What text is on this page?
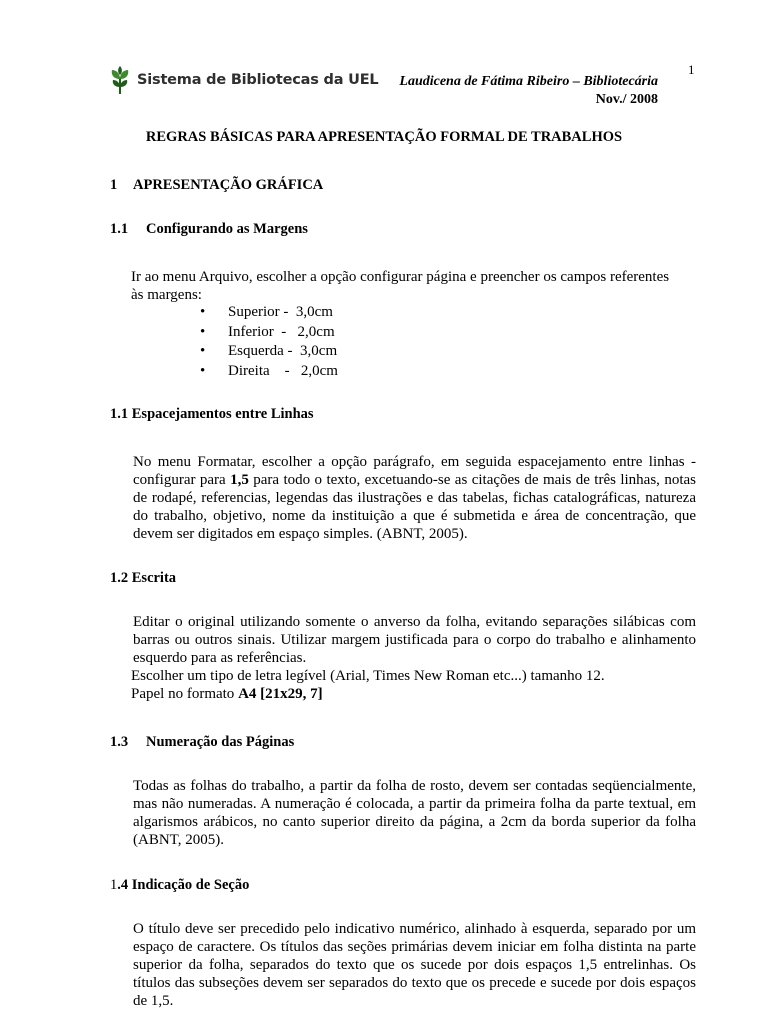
1
Sistema de Bibliotecas da UEL Laudicena de Fátima Ribeiro – Bibliotecária
Nov./ 2008
REGRAS BÁSICAS PARA APRESENTAÇÃO FORMAL DE TRABALHOS
1 APRESENTAÇÃO GRÁFICA
1.1 Configurando as Margens
Ir ao menu Arquivo, escolher a opção configurar página e preencher os campos referentes
às margens:
• Superior -  3,0cm
• Inferior  -   2,0cm
• Esquerda -  3,0cm
• Direita    -   2,0cm
1.1 Espacejamentos entre Linhas
No menu Formatar, escolher a opção parágrafo, em seguida espacejamento entre linhas - configurar para 1,5 para todo o texto, excetuando-se as citações de mais de três linhas, notas de rodapé, referencias, legendas das ilustrações e das tabelas, fichas catalográficas, natureza do trabalho, objetivo, nome da instituição a que é submetida e área de concentração, que devem ser digitados em espaço simples. (ABNT, 2005).
1.2 Escrita
Editar o original utilizando somente o anverso da folha, evitando separações silábicas com barras ou outros sinais. Utilizar margem justificada para o corpo do trabalho e alinhamento esquerdo para as referências.
Escolher um tipo de letra legível (Arial, Times New Roman etc...) tamanho 12.
Papel no formato A4 [21x29, 7]
1.3 Numeração das Páginas
Todas as folhas do trabalho, a partir da folha de rosto, devem ser contadas seqüencialmente, mas não numeradas. A numeração é colocada, a partir da primeira folha da parte textual, em algarismos arábicos, no canto superior direito da página, a 2cm da borda superior da folha (ABNT, 2005).
1.4 Indicação de Seção
O título deve ser precedido pelo indicativo numérico, alinhado à esquerda, separado por um espaço de caractere. Os títulos das seções primárias devem iniciar em folha distinta na parte superior da folha, separados do texto que os sucede por dois espaços 1,5 entrelinhas. Os títulos das subseções devem ser separados do texto que os precede e sucede por dois espaços de 1,5.
